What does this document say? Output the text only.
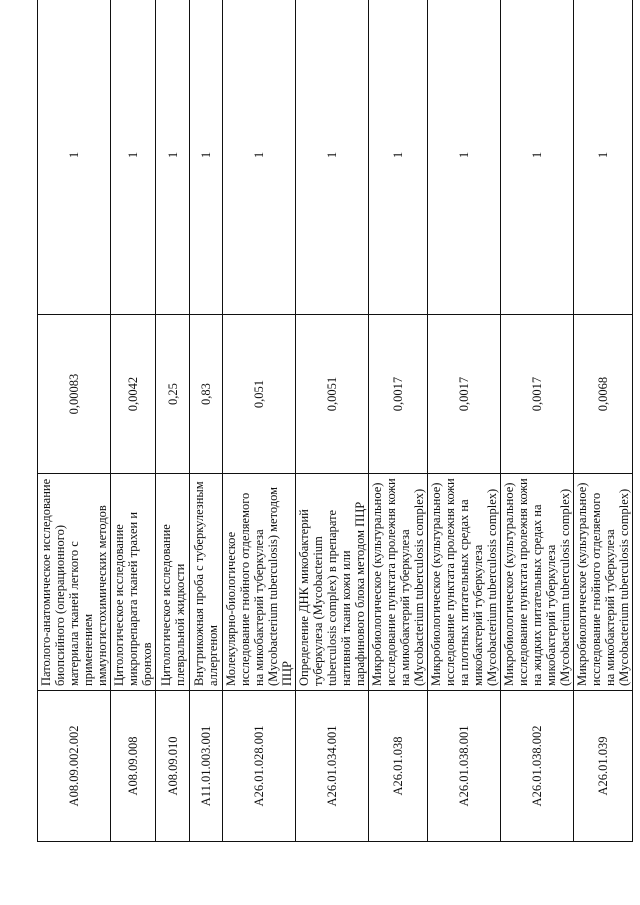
A08.09.002.002	Патолого-анатомическое исследование биопсийного (операционного) материала тканей легкого с применением иммуногистохимических методов	0,00083	1
A08.09.008	Цитологическое исследование микропрепарата тканей трахеи и бронхов	0,0042	1
A08.09.010	Цитологическое исследование плевральной жидкости	0,25	1
A11.01.003.001	Внутрикожная проба с туберкулезным аллергеном	0,83	1
A26.01.028.001	Молекулярно-биологическое исследование гнойного отделяемого на микобактерий туберкулеза (Mycobacterium tuberculosis) методом ПЦР	0,051	1
A26.01.034.001	Определение ДНК микобактерий туберкулеза (Mycobacterium tuberculosis complex) в препарате нативной ткани кожи или парафинового блока методом ПЦР	0,0051	1
A26.01.038	Микробиологическое (культуральное) исследование пунктата пролежня кожи на микобактерий туберкулеза (Mycobacterium tuberculosis complex)	0,0017	1
A26.01.038.001	Микробиологическое (культуральное) исследование пунктата пролежня кожи на плотных питательных средах на микобактерий туберкулеза (Mycobacterium tuberculosis complex)	0,0017	1
A26.01.038.002	Микробиологическое (культуральное) исследование пунктата пролежня кожи на жидких питательных средах на микобактерий туберкулеза (Mycobacterium tuberculosis complex)	0,0017	1
A26.01.039	Микробиологическое (культуральное) исследование гнойного отделяемого на микобактерий туберкулеза (Mycobacterium tuberculosis complex)	0,0068	1
